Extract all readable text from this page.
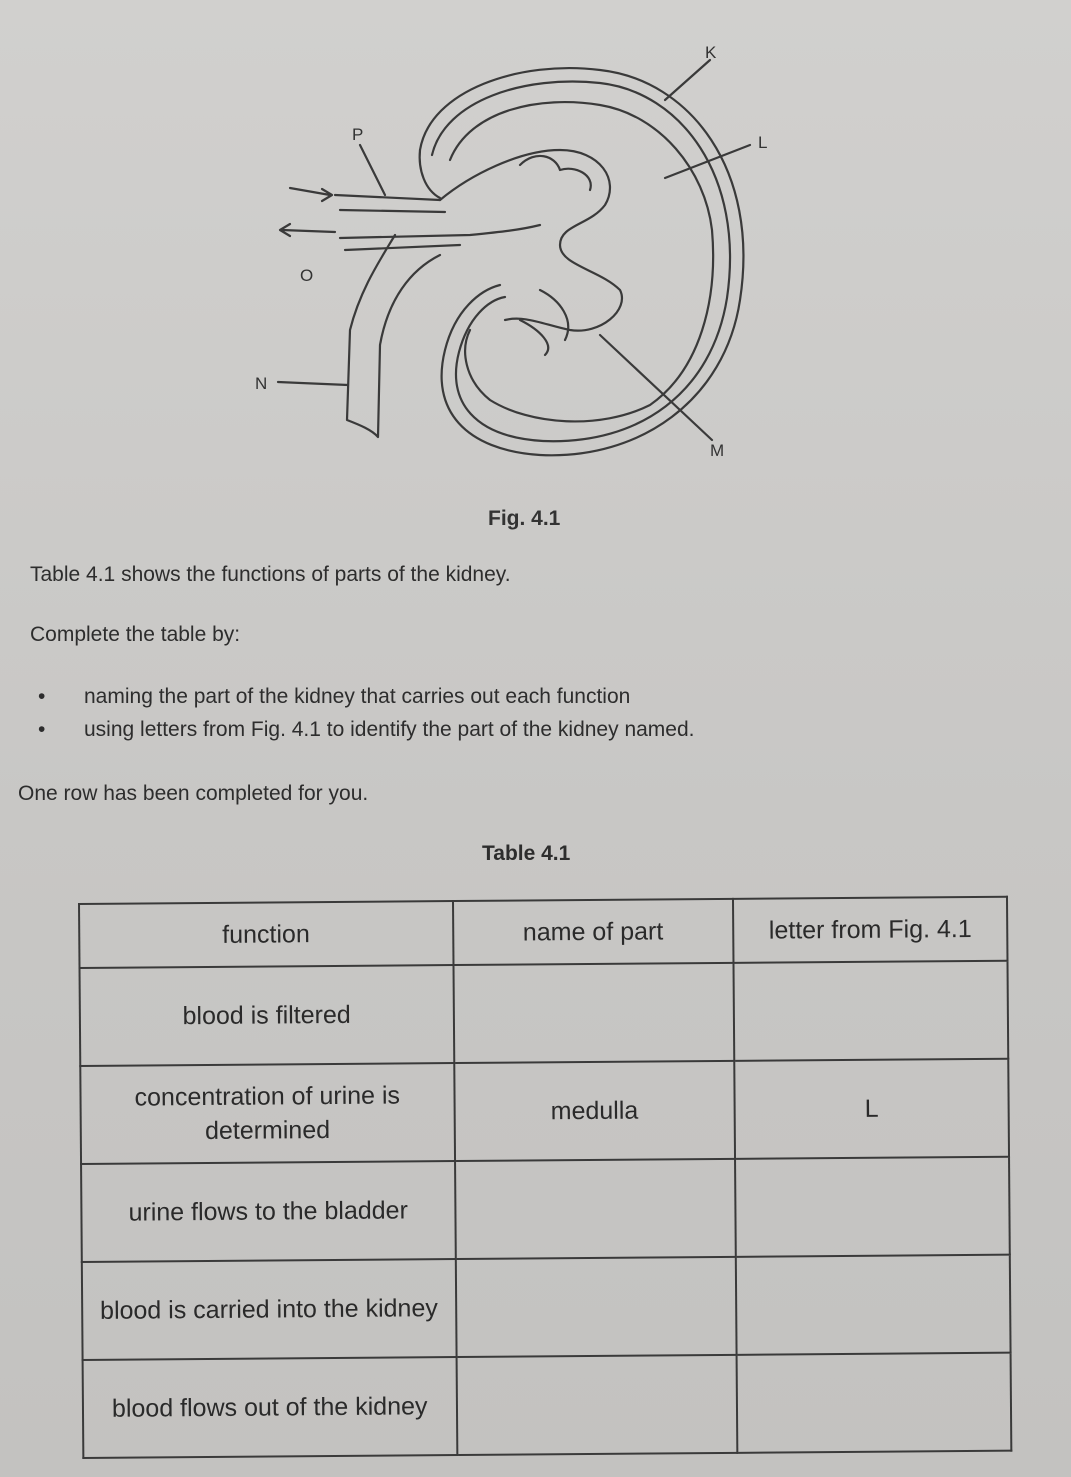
K
L
M
N
O
P
Fig. 4.1
Table 4.1 shows the functions of parts of the kidney.
Complete the table by:
• naming the part of the kidney that carries out each function
• using letters from Fig. 4.1 to identify the part of the kidney named.
One row has been completed for you.
Table 4.1
function	name of part	letter from Fig. 4.1
blood is filtered		
concentration of urine is determined	medulla	L
urine flows to the bladder		
blood is carried into the kidney		
blood flows out of the kidney		
